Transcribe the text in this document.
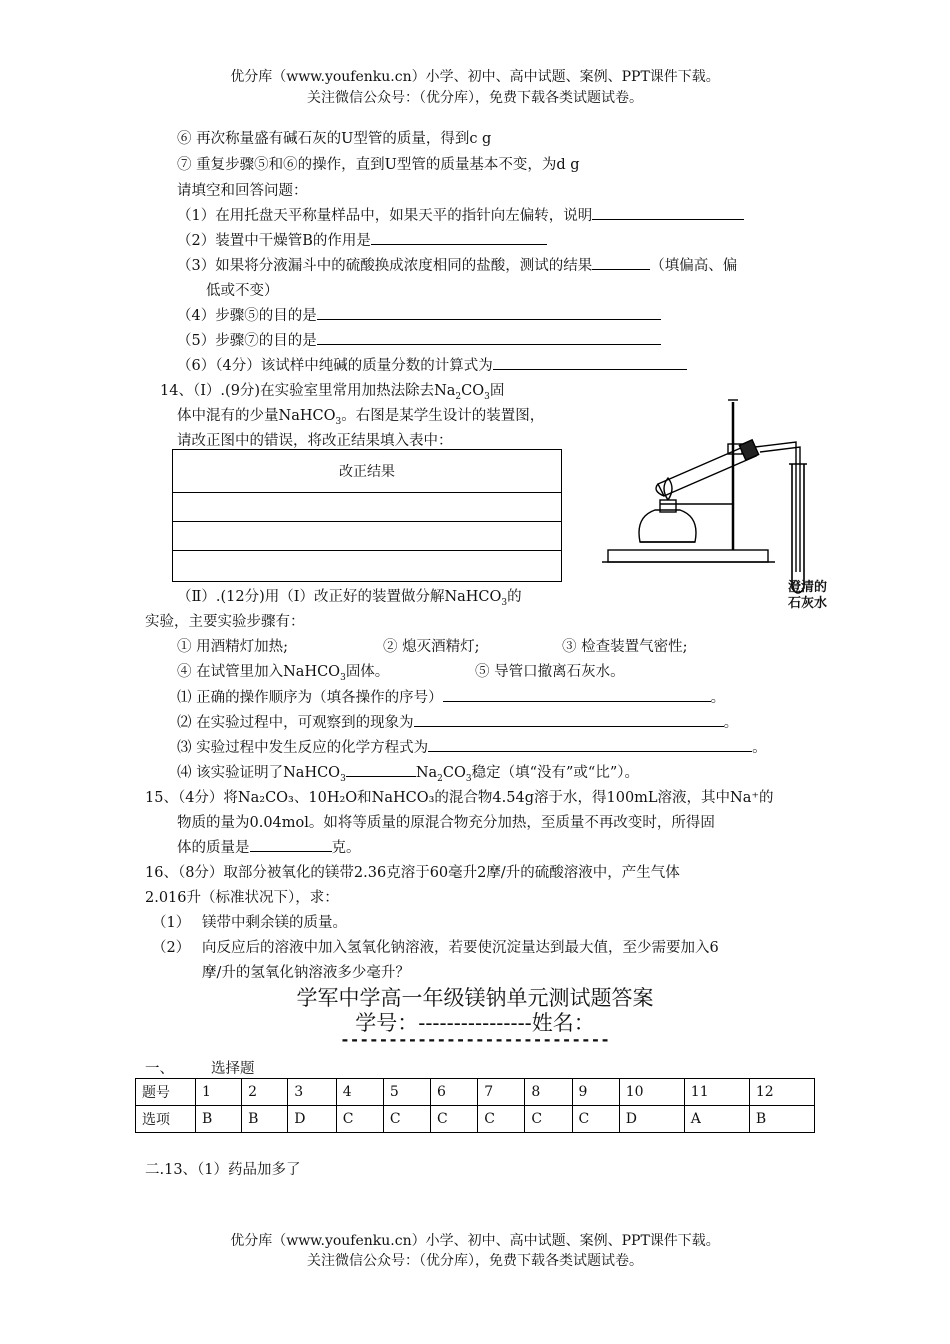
优分库（www.youfenku.cn）小学、初中、高中试题、案例、PPT课件下载。
关注微信公众号：（优分库），免费下载各类试题试卷。
⑥ 再次称量盛有碱石灰的U型管的质量，得到c g
⑦ 重复步骤⑤和⑥的操作，直到U型管的质量基本不变，为d g
请填空和回答问题：
（1）在用托盘天平称量样品中，如果天平的指针向左偏转，说明
（2）装置中干燥管B的作用是
（3）如果将分液漏斗中的硫酸换成浓度相同的盐酸，测试的结果	（填偏高、偏
低或不变）
（4）步骤⑤的目的是
（5）步骤⑦的目的是
（6）（4分）该试样中纯碱的质量分数的计算式为
14、（Ⅰ）.(9分)在实验室里常用加热法除去$Na_2CO_3$固
体中混有的少量NaHCO$_3$。右图是某学生设计的装置图，
请改正图中的错误，将改正结果填入表中：
改正结果

澄清的
石灰水
（Ⅱ）.(12分)用（Ⅰ）改正好的装置做分解NaHCO$_3$的
实验，主要实验步骤有：
① 用酒精灯加热;	② 熄灭酒精灯;	③ 检查装置气密性;
④ 在试管里加入NaHCO$_3$固体。	⑤ 导管口撤离石灰水。
⑴ 正确的操作顺序为（填各操作的序号）	。
⑵ 在实验过程中，可观察到的现象为	。
⑶ 实验过程中发生反应的化学方程式为	。
⑷ 该实验证明了NaHCO$_3$	$Na_2CO_3$稳定（填“没有”或“比”）。
15、（4分）将Na₂CO₃、10H₂O和NaHCO₃的混合物4.54g溶于水，得100mL溶液，其中Na⁺的
物质的量为0.04mol。如将等质量的原混合物充分加热，至质量不再改变时，所得固
体的质量是	克。
16、（8分）取部分被氧化的镁带2.36克溶于60毫升2摩/升的硫酸溶液中，产生气体
2.016升（标准状况下），求：
（1） 镁带中剩余镁的质量。
（2） 向反应后的溶液中加入氢氧化钠溶液，若要使沉淀量达到最大值，至少需要加入6
摩/升的氢氧化钠溶液多少毫升？
学军中学高一年级镁钠单元测试题答案
学号：----------------姓名：
----------------------------
一、	选择题
题号	1	2	3	4	5	6	7	8	9	10	11	12
选项	B	B	D	C	C	C	C	C	C	D	A	B
二.13、（1）药品加多了
优分库（www.youfenku.cn）小学、初中、高中试题、案例、PPT课件下载。
关注微信公众号：（优分库），免费下载各类试题试卷。
